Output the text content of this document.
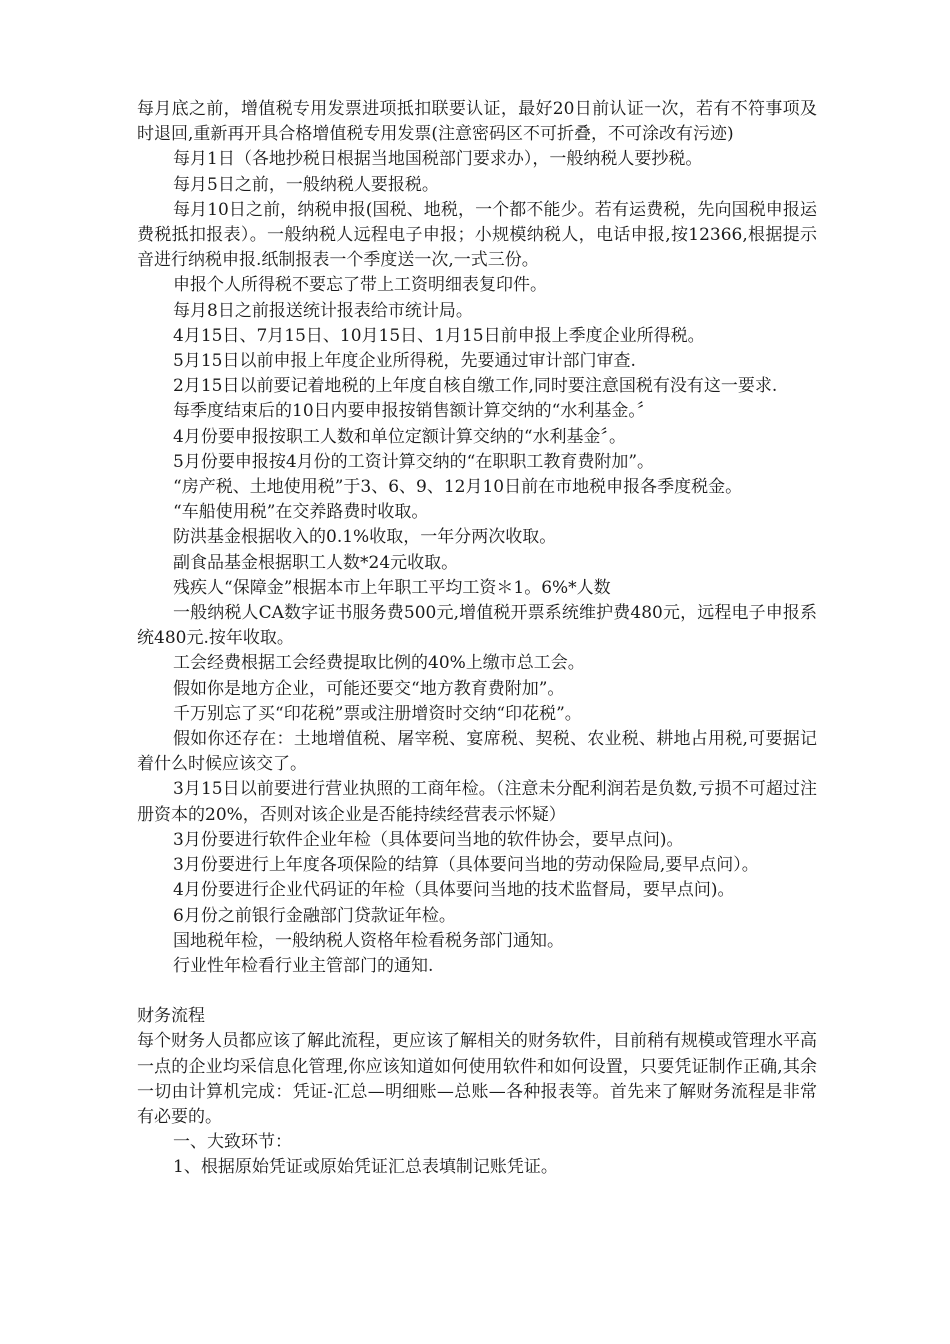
每月底之前，增值税专用发票进项抵扣联要认证，最好20日前认证一次，若有不符事项及时退回,重新再开具合格增值税专用发票(注意密码区不可折叠，不可涂改有污迹)

每月1日（各地抄税日根据当地国税部门要求办），一般纳税人要抄税。

每月5日之前，一般纳税人要报税。

每月10日之前，纳税申报(国税、地税，一个都不能少。若有运费税，先向国税申报运费税抵扣报表）。一般纳税人远程电子申报；小规模纳税人，电话申报,按12366,根据提示音进行纳税申报.纸制报表一个季度送一次,一式三份。

申报个人所得税不要忘了带上工资明细表复印件。

每月8日之前报送统计报表给市统计局。

4月15日、7月15日、10月15日、1月15日前申报上季度企业所得税。

5月15日以前申报上年度企业所得税，先要通过审计部门审查.

2月15日以前要记着地税的上年度自核自缴工作,同时要注意国税有没有这一要求.

每季度结束后的10日内要申报按销售额计算交纳的“水利基金。〞

4月份要申报按职工人数和单位定额计算交纳的“水利基金〞。

5月份要申报按4月份的工资计算交纳的“在职职工教育费附加”。

“房产税、土地使用税”于3、6、9、12月10日前在市地税申报各季度税金。

“车船使用税”在交养路费时收取。

防洪基金根据收入的0.1%收取，一年分两次收取。

副食品基金根据职工人数*24元收取。

残疾人“保障金”根据本市上年职工平均工资＊1。6%*人数

一般纳税人CA数字证书服务费500元,增值税开票系统维护费480元，远程电子申报系统480元.按年收取。

工会经费根据工会经费提取比例的40%上缴市总工会。

假如你是地方企业，可能还要交“地方教育费附加”。

千万别忘了买“印花税”票或注册增资时交纳“印花税”。

假如你还存在：土地增值税、屠宰税、宴席税、契税、农业税、耕地占用税,可要据记着什么时候应该交了。

3月15日以前要进行营业执照的工商年检。（注意未分配利润若是负数,亏损不可超过注册资本的20%，否则对该企业是否能持续经营表示怀疑）

3月份要进行软件企业年检（具体要问当地的软件协会，要早点问)。

3月份要进行上年度各项保险的结算（具体要问当地的劳动保险局,要早点问）。

4月份要进行企业代码证的年检（具体要问当地的技术监督局，要早点问)。

6月份之前银行金融部门贷款证年检。

国地税年检，一般纳税人资格年检看税务部门通知。

行业性年检看行业主管部门的通知.

财务流程

每个财务人员都应该了解此流程，更应该了解相关的财务软件，目前稍有规模或管理水平高一点的企业均采信息化管理,你应该知道如何使用软件和如何设置，只要凭证制作正确,其余一切由计算机完成：凭证-汇总—明细账—总账—各种报表等。首先来了解财务流程是非常有必要的。

一、大致环节：

1、根据原始凭证或原始凭证汇总表填制记账凭证。
